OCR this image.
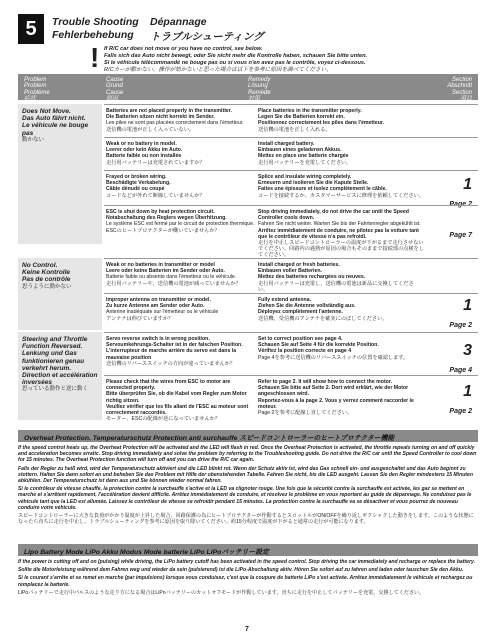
5	Trouble Shooting
Fehlerbehebung
Dépannage
トラブルシューティング
! If R/C car does not move or you have no control, see below.
Falls sich das Auto nicht bewegt, oder Sie nicht mehr die Kontrolle haben, schauen Sie bitte unten.
Si le véhicule télécommandé ne bouge pas ou si vous n'en avez pas le contrôle, voyez ci-dessous.
R/Cカーが動かない、操作が効かないと思った場合は以下を参考に原因を調べてください。
Problem
Problem
Problème
症状
Cause
Grund
Cause
原因
Remedy
Lösung
Remède
対策
Section
Abschnitt
Section
項目
Does Not Move.
Das Auto fährt nicht.
Le véhicule ne bouge pas
動かない
Batteries are not placed properly in the transmitter.
Die Batterien sitzen nicht korrekt im Sender.
Les piles ne sont pas placées correctement dans l'émetteur.
送信機の電池が正しく入っていない。
Place batteries in the transmitter properly.
Legen Sie die Batterien korrekt ein.
Positionnez correctement les piles dans l'émetteur.
送信機の電池を正しく入れる。
Weak or no battery in model.
Leerer oder kein Akku im Auto.
Batterie faible ou non installée
走行用バッテリーは充電されていますか？
Install charged battery.
Einbauen eines geladenen Akkus.
Mettez en place une batterie chargée
走行用バッテリーを充電してください。
Frayed or broken wiring.
Beschädigte Verkabelung.
Câble dénudé ou coupé
コードなどが外れて断線していませんか？
Splice and insulate wiring completely.
Erneuern und isolieren Sie die Kapute Stelle.
Faites une épissure et isolez complètement le câble.
コードを接続するか、カスタマーサービスに修理を依頼してください。
1
Page 2
ESC is shut down by heat protection circuit.
Notabschaltung des Reglers wegen Überhitzung.
Le système ESC est fermé par le circuit de protection thermique.
ESCのヒートプロテクターが働いていませんか？
Stop driving immediately, do not drive the car until the Speed Controller cools down.
Fahren Sie nicht weiter. Warten Sie bis der Fahrtenregler abgekühlt ist.
Arrêtez immédiatement de conduire, ne pilotez pas la voiture tant que le contrôleur de vitesse n'a pas refroidi.
走行を中止しスピードコントローラーの温度が下がるまで走行させないでください。回路内の過熱が原因の場合もそのままで接続部の点検をしてください。
Page 7
No Control.
Keine Kontrolle
Pas de contrôle
思うように動かない
Weak or no batteries in transmitter or model
Leere oder keine Batterien im Sender oder Auto.
Batterie faible ou absente dans l'émetteur ou le véhicule.
走行用バッテリーや、送信機の電池が減っていませんか？
Install charged or fresh batteries.
Einbauen voller Batterien.
Mettez des batteries rechargées ou neuves.
走行用バッテリーは充電し、送信機の電池は新品に交換してください。
Improper antenna on transmitter or model.
Zu kurze Antenne am Sender oder Auto.
Antenne inadéquate sur l'émetteur ou le véhicule
アンテナは伸びていますか？
Fully extend antenna.
Ziehen Sie die Antenne vollständig aus.
Déployez complètement l'antenne.
送信機、受信機のアンテナを確実にのばしてください。
1
Page 2
Steering and Throttle Function Reversed.
Lenkung und Gas funktionieren genau verkehrt herum.
Direction et accélération inversées
思っている動作と逆に動く
Servo reverse switch is in wrong position.
Servoumkehrungs-Schalter ist in der falschen Position.
L'interrupteur de marche arrière du servo est dans la mauvaise position
送信機のリバーススイッチの方向が違っていませんか？
Set to correct position see page 4.
Schauen Sie auf Seite 4 für die korrekte Position.
Vérifiez la position correcte en page 4
Page 4を参考に送信機のリバーススイッチの位置を確認します。	3
Page 4
Please check that the wires from ESC to motor are connected properly.
Bitte überprüfen Sie, ob die Kabel vom Regler zum Motor richtig sitzen.
Veuillez vérifier que les fils allant de l'ESC au moteur sont correctement raccordés.
モーター、ESCの配線が逆になっていませんか？
Refer to page 2. It will show how to connect the motor.
Schauen Sie bitte auf Seite 2. Dort wird erklärt, wie der Motor angeschlossen wird.
Reportez-vous à la page 2. Vous y verrez comment raccorder le moteur.
Page 2を参考に配線し直してください。
1
Page 2
Overheat Protection. Temperaturschutz Protection anti surchauffe スピードコントローラーのヒートプロテクター機能
If the speed control heats up, the Overheat Protection will be activated and the LED will flash in red. Once the Overheat Protection is activated, the throttle repeats turning on and off quickly and acceleration becomes erratic. Stop driving immediately and solve the problem by referring to the Troubleshooting guide. Do not drive the R/C car until the Speed Controller to cool down for 15 minutes. The Overheat Protection function will turn off and you can drive the R/C car again.
Falls der Regler zu heiß wird, wird der Temperaturschutz aktiviert und die LED blinkt rot. Wenn der Schutz aktiv ist, wird das Gas schnell ein- und ausgeschaltet und das Auto beginnt zu stottern. Halten Sie dann sofort an und beheben Sie das Problem mit Hilfe der obenstehenden Tabelle. Fahren Sie nicht, bis die LED ausgeht. Lassen Sie den Regler mindestens 15 Minuten abkühlen. Der Temperaturschutz ist dann aus und Sie können wieder normal fahren.
Si le contrôleur de vitesse chauffe, la protection contre la surchauffe s'active et la LED va clignoter rouge. Une fois que la sécurité contre la surchauffe est activée, les gaz se mettent en marche et s'arrêtent rapidement, l'accélération devient difficile. Arrêtez immédiatement de conduire, et résolvez le problème en vous reportant au guide de dépannage. Ne conduisez pas le véhicule tant que la LED est allumée. Laissez le contrôleur de vitesse se refroidir pendant 15 minutes. La protection contre la surchauffe va se désactiver et vous pourrez de nouveau conduire votre véhicule.
スピードコントローラーに大きな負荷がかかり温度が上昇した場合、回路保護の為にヒートプロテクターが作動するとスロットルがON/OFFを繰り返しギクシャクした動きをします。このような状態になったら直ちに走行を中止し、トラブルシューティングを参考に原因を取り除いてください。約15分程度で温度が下がると通常の走行が可能になります。
Lipo Battery Mode LiPo Akku Modus Mode batterie LiPo LiPoバッテリー設定
If the power is cutting off and on (pulsing) while driving, the LiPo battery cutoff has been activated in the speed control. Stop driving the car immediately and recharge or replace the battery.
Sollte die Motorleistung während dem Fahren weg und wieder da sein (pulsierend) ist die LiPo-Abschaltung aktiv. Hören Sie sofort auf zu fahren und laden oder tauschen Sie den Akku.
Si le courant s'arrête et se remet en marche (par impulsions) lorsque vous conduisez, c'est que la coupure de batterie LiPo s'est activée. Arrêtez immédiatement le véhicule et rechargez ou remplacez la batterie.
LiPoバッテリーで走行中パルスのような走り方になる場合はLiPoバッテリーのカットオフモードが作動しています。直ちに走行を中止してバッテリーを充電、交換してください。
7
